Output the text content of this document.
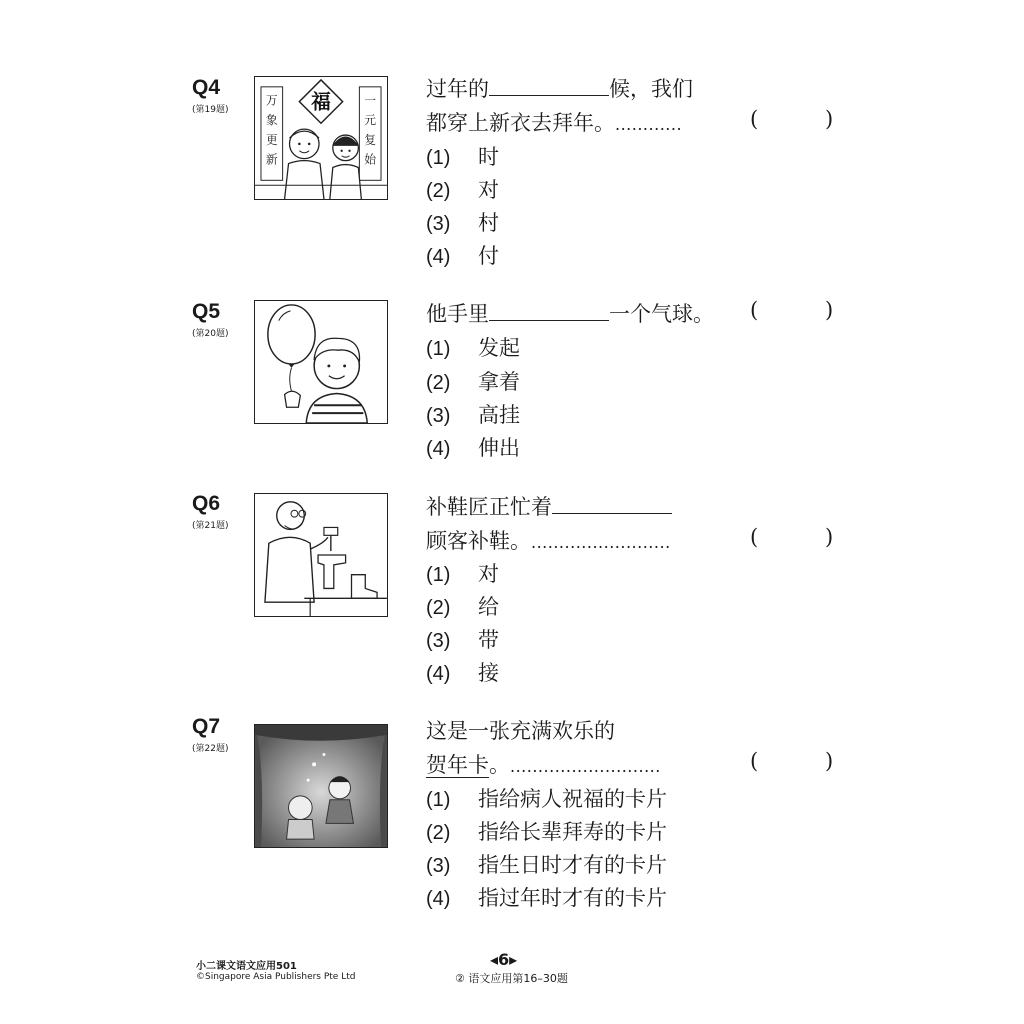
Q4
(第19题)
万
象
更
新
一
元
复
始
福
过年的	候，我们
都穿上新衣去拜年。............	(          )
(1) 时
(2) 对
(3) 村
(4) 付
Q5
(第20题)
他手里	一个气球。 (          )
(1) 发起
(2) 拿着
(3) 高挂
(4) 伸出
Q6
(第21题)
补鞋匠正忙着
顾客补鞋。.........................	(          )
(1) 对
(2) 给
(3) 带
(4) 接
Q7
(第22题)
这是一张充满欢乐的
贺年卡。...........................	(          )
(1) 指给病人祝福的卡片
(2) 指给长辈拜寿的卡片
(3) 指生日时才有的卡片
(4) 指过年时才有的卡片
小二课文语文应用501
©Singapore Asia Publishers Pte Ltd
◂6▸
② 语文应用第16–30题
